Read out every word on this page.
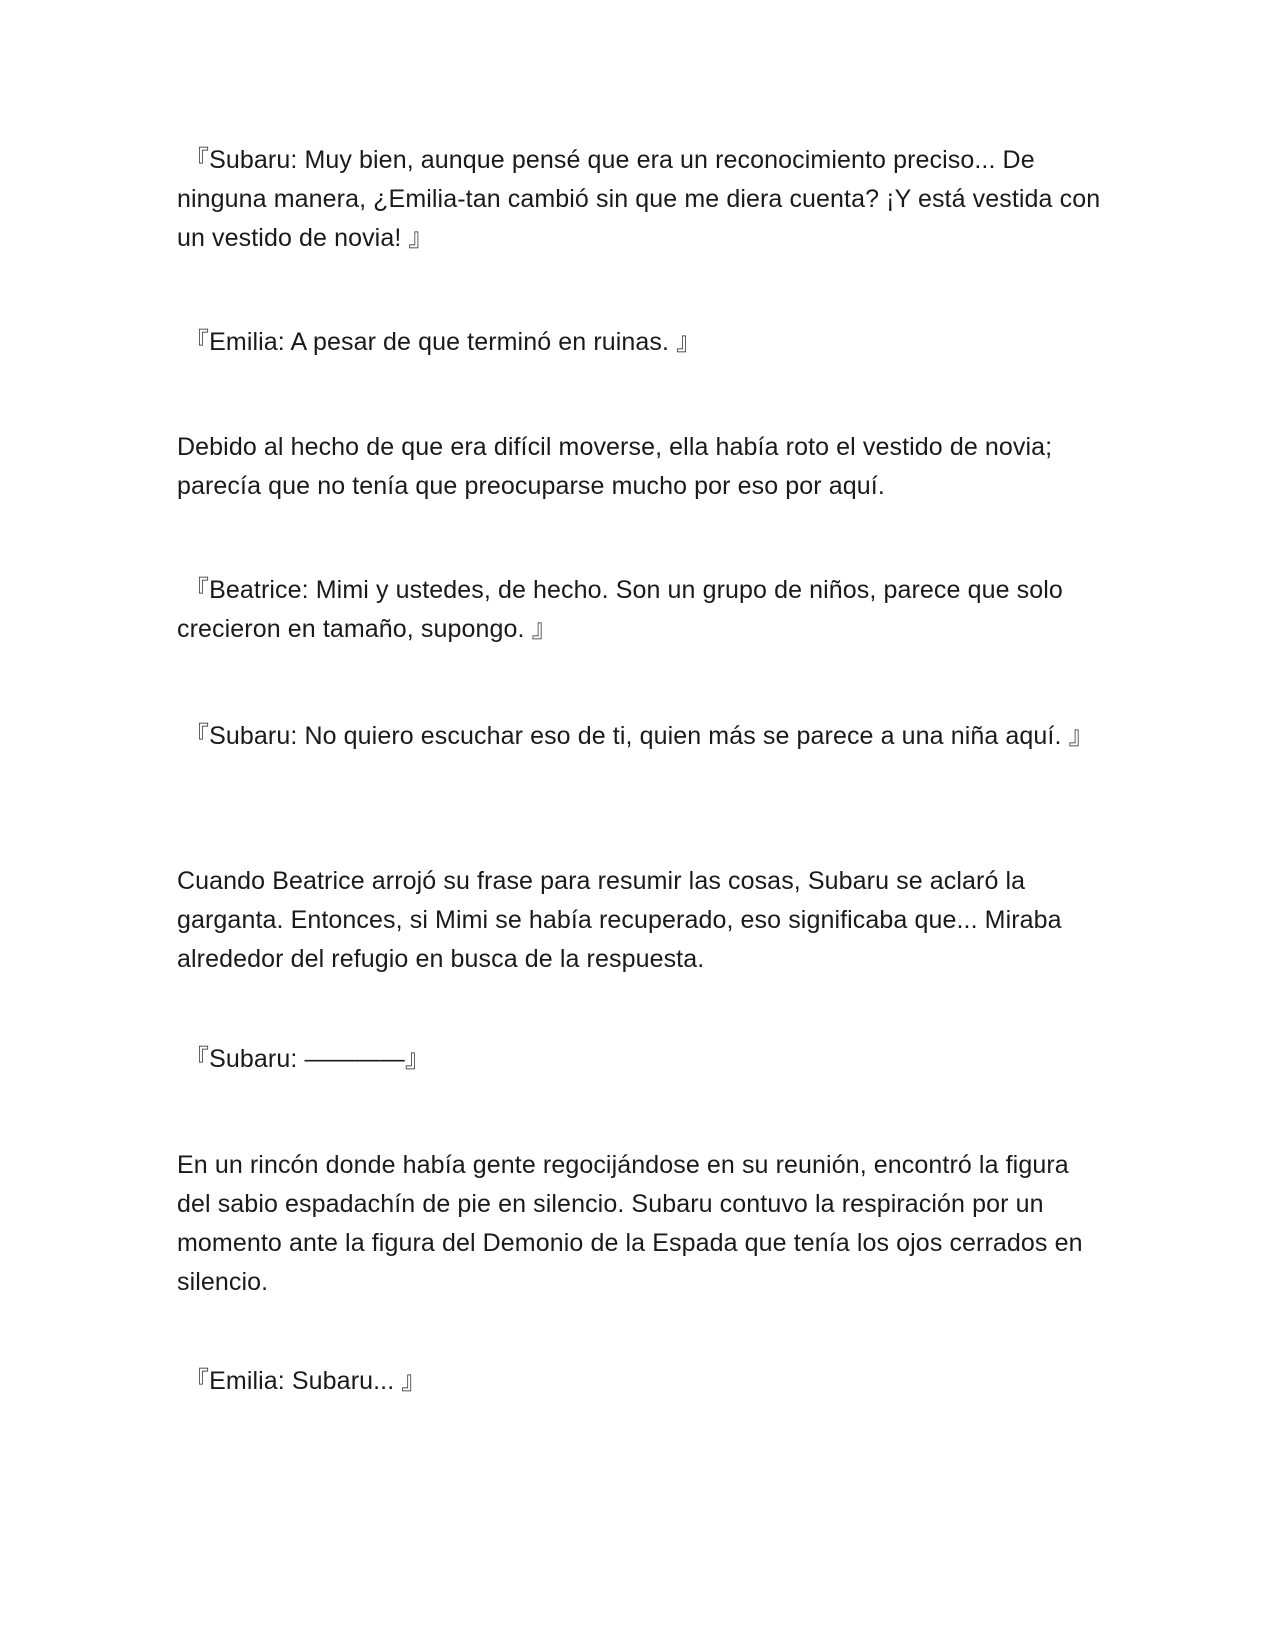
『Subaru: Muy bien, aunque pensé que era un reconocimiento preciso... De ninguna manera, ¿Emilia-tan cambió sin que me diera cuenta? ¡Y está vestida con un vestido de novia! 』

『Emilia: A pesar de que terminó en ruinas. 』

Debido al hecho de que era difícil moverse, ella había roto el vestido de novia; parecía que no tenía que preocuparse mucho por eso por aquí.

『Beatrice: Mimi y ustedes, de hecho. Son un grupo de niños, parece que solo crecieron en tamaño, supongo. 』

『Subaru: No quiero escuchar eso de ti, quien más se parece a una niña aquí. 』

Cuando Beatrice arrojó su frase para resumir las cosas, Subaru se aclaró la garganta. Entonces, si Mimi se había recuperado, eso significaba que... Miraba alrededor del refugio en busca de la respuesta.

『Subaru: ————』

En un rincón donde había gente regocijándose en su reunión, encontró la figura del sabio espadachín de pie en silencio. Subaru contuvo la respiración por un momento ante la figura del Demonio de la Espada que tenía los ojos cerrados en silencio.

『Emilia: Subaru... 』
